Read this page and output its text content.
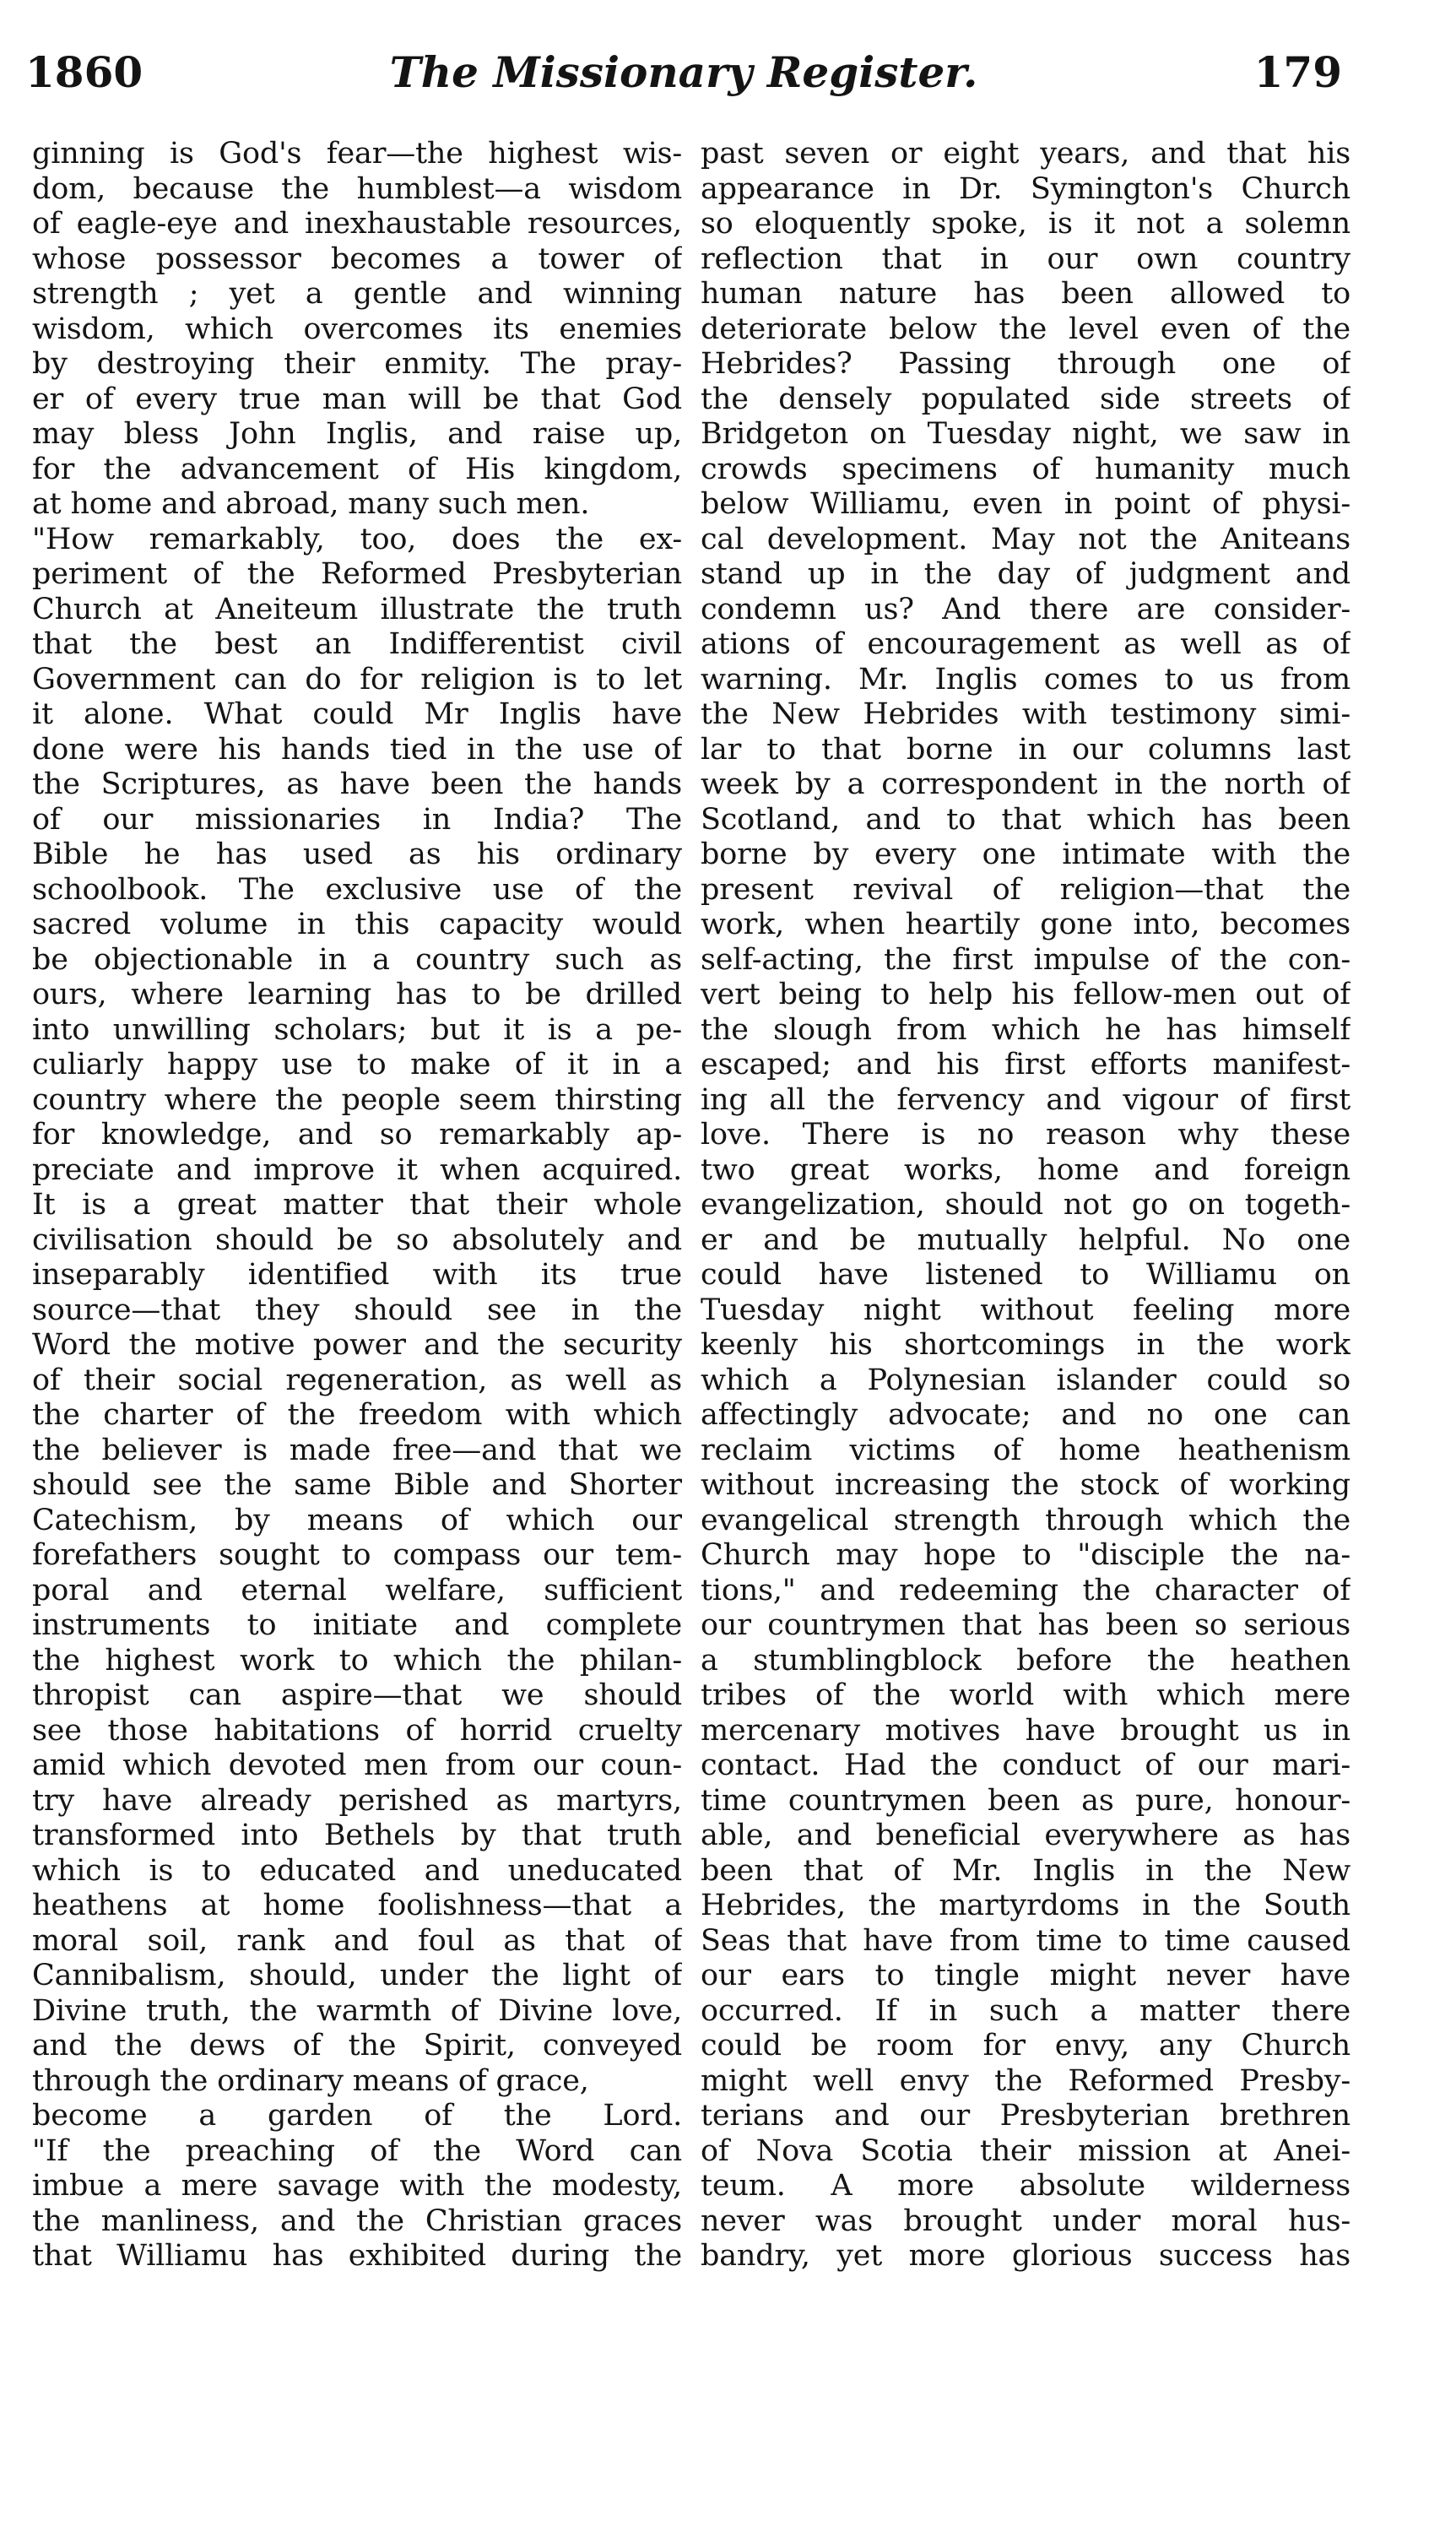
1860	The Missionary Register.	179
ginning is God's fear—the highest wis-
dom, because the humblest—a wisdom
of eagle-eye and inexhaustable resources,
whose possessor becomes a tower of
strength ; yet a gentle and winning
wisdom, which overcomes its enemies
by destroying their enmity. The pray-
er of every true man will be that God
may bless John Inglis, and raise up,
for the advancement of His kingdom,
at home and abroad, many such men.
"How remarkably, too, does the ex-
periment of the Reformed Presbyterian
Church at Aneiteum illustrate the truth
that the best an Indifferentist civil
Government can do for religion is to let
it alone. What could Mr Inglis have
done were his hands tied in the use of
the Scriptures, as have been the hands
of our missionaries in India? The
Bible he has used as his ordinary
schoolbook. The exclusive use of the
sacred volume in this capacity would
be objectionable in a country such as
ours, where learning has to be drilled
into unwilling scholars; but it is a pe-
culiarly happy use to make of it in a
country where the people seem thirsting
for knowledge, and so remarkably ap-
preciate and improve it when acquired.
It is a great matter that their whole
civilisation should be so absolutely and
inseparably identified with its true
source—that they should see in the
Word the motive power and the security
of their social regeneration, as well as
the charter of the freedom with which
the believer is made free—and that we
should see the same Bible and Shorter
Catechism, by means of which our
forefathers sought to compass our tem-
poral and eternal welfare, sufficient
instruments to initiate and complete
the highest work to which the philan-
thropist can aspire—that we should
see those habitations of horrid cruelty
amid which devoted men from our coun-
try have already perished as martyrs,
transformed into Bethels by that truth
which is to educated and uneducated
heathens at home foolishness—that a
moral soil, rank and foul as that of
Cannibalism, should, under the light of
Divine truth, the warmth of Divine love,
and the dews of the Spirit, conveyed
through the ordinary means of grace,
become a garden of the Lord.
"If the preaching of the Word can
imbue a mere savage with the modesty,
the manliness, and the Christian graces
that Williamu has exhibited during the
past seven or eight years, and that his
appearance in Dr. Symington's Church
so eloquently spoke, is it not a solemn
reflection that in our own country
human nature has been allowed to
deteriorate below the level even of the
Hebrides? Passing through one of
the densely populated side streets of
Bridgeton on Tuesday night, we saw in
crowds specimens of humanity much
below Williamu, even in point of physi-
cal development. May not the Aniteans
stand up in the day of judgment and
condemn us? And there are consider-
ations of encouragement as well as of
warning. Mr. Inglis comes to us from
the New Hebrides with testimony simi-
lar to that borne in our columns last
week by a correspondent in the north of
Scotland, and to that which has been
borne by every one intimate with the
present revival of religion—that the
work, when heartily gone into, becomes
self-acting, the first impulse of the con-
vert being to help his fellow-men out of
the slough from which he has himself
escaped; and his first efforts manifest-
ing all the fervency and vigour of first
love. There is no reason why these
two great works, home and foreign
evangelization, should not go on togeth-
er and be mutually helpful. No one
could have listened to Williamu on
Tuesday night without feeling more
keenly his shortcomings in the work
which a Polynesian islander could so
affectingly advocate; and no one can
reclaim victims of home heathenism
without increasing the stock of working
evangelical strength through which the
Church may hope to "disciple the na-
tions," and redeeming the character of
our countrymen that has been so serious
a stumblingblock before the heathen
tribes of the world with which mere
mercenary motives have brought us in
contact. Had the conduct of our mari-
time countrymen been as pure, honour-
able, and beneficial everywhere as has
been that of Mr. Inglis in the New
Hebrides, the martyrdoms in the South
Seas that have from time to time caused
our ears to tingle might never have
occurred. If in such a matter there
could be room for envy, any Church
might well envy the Reformed Presby-
terians and our Presbyterian brethren
of Nova Scotia their mission at Anei-
teum. A more absolute wilderness
never was brought under moral hus-
bandry, yet more glorious success has
